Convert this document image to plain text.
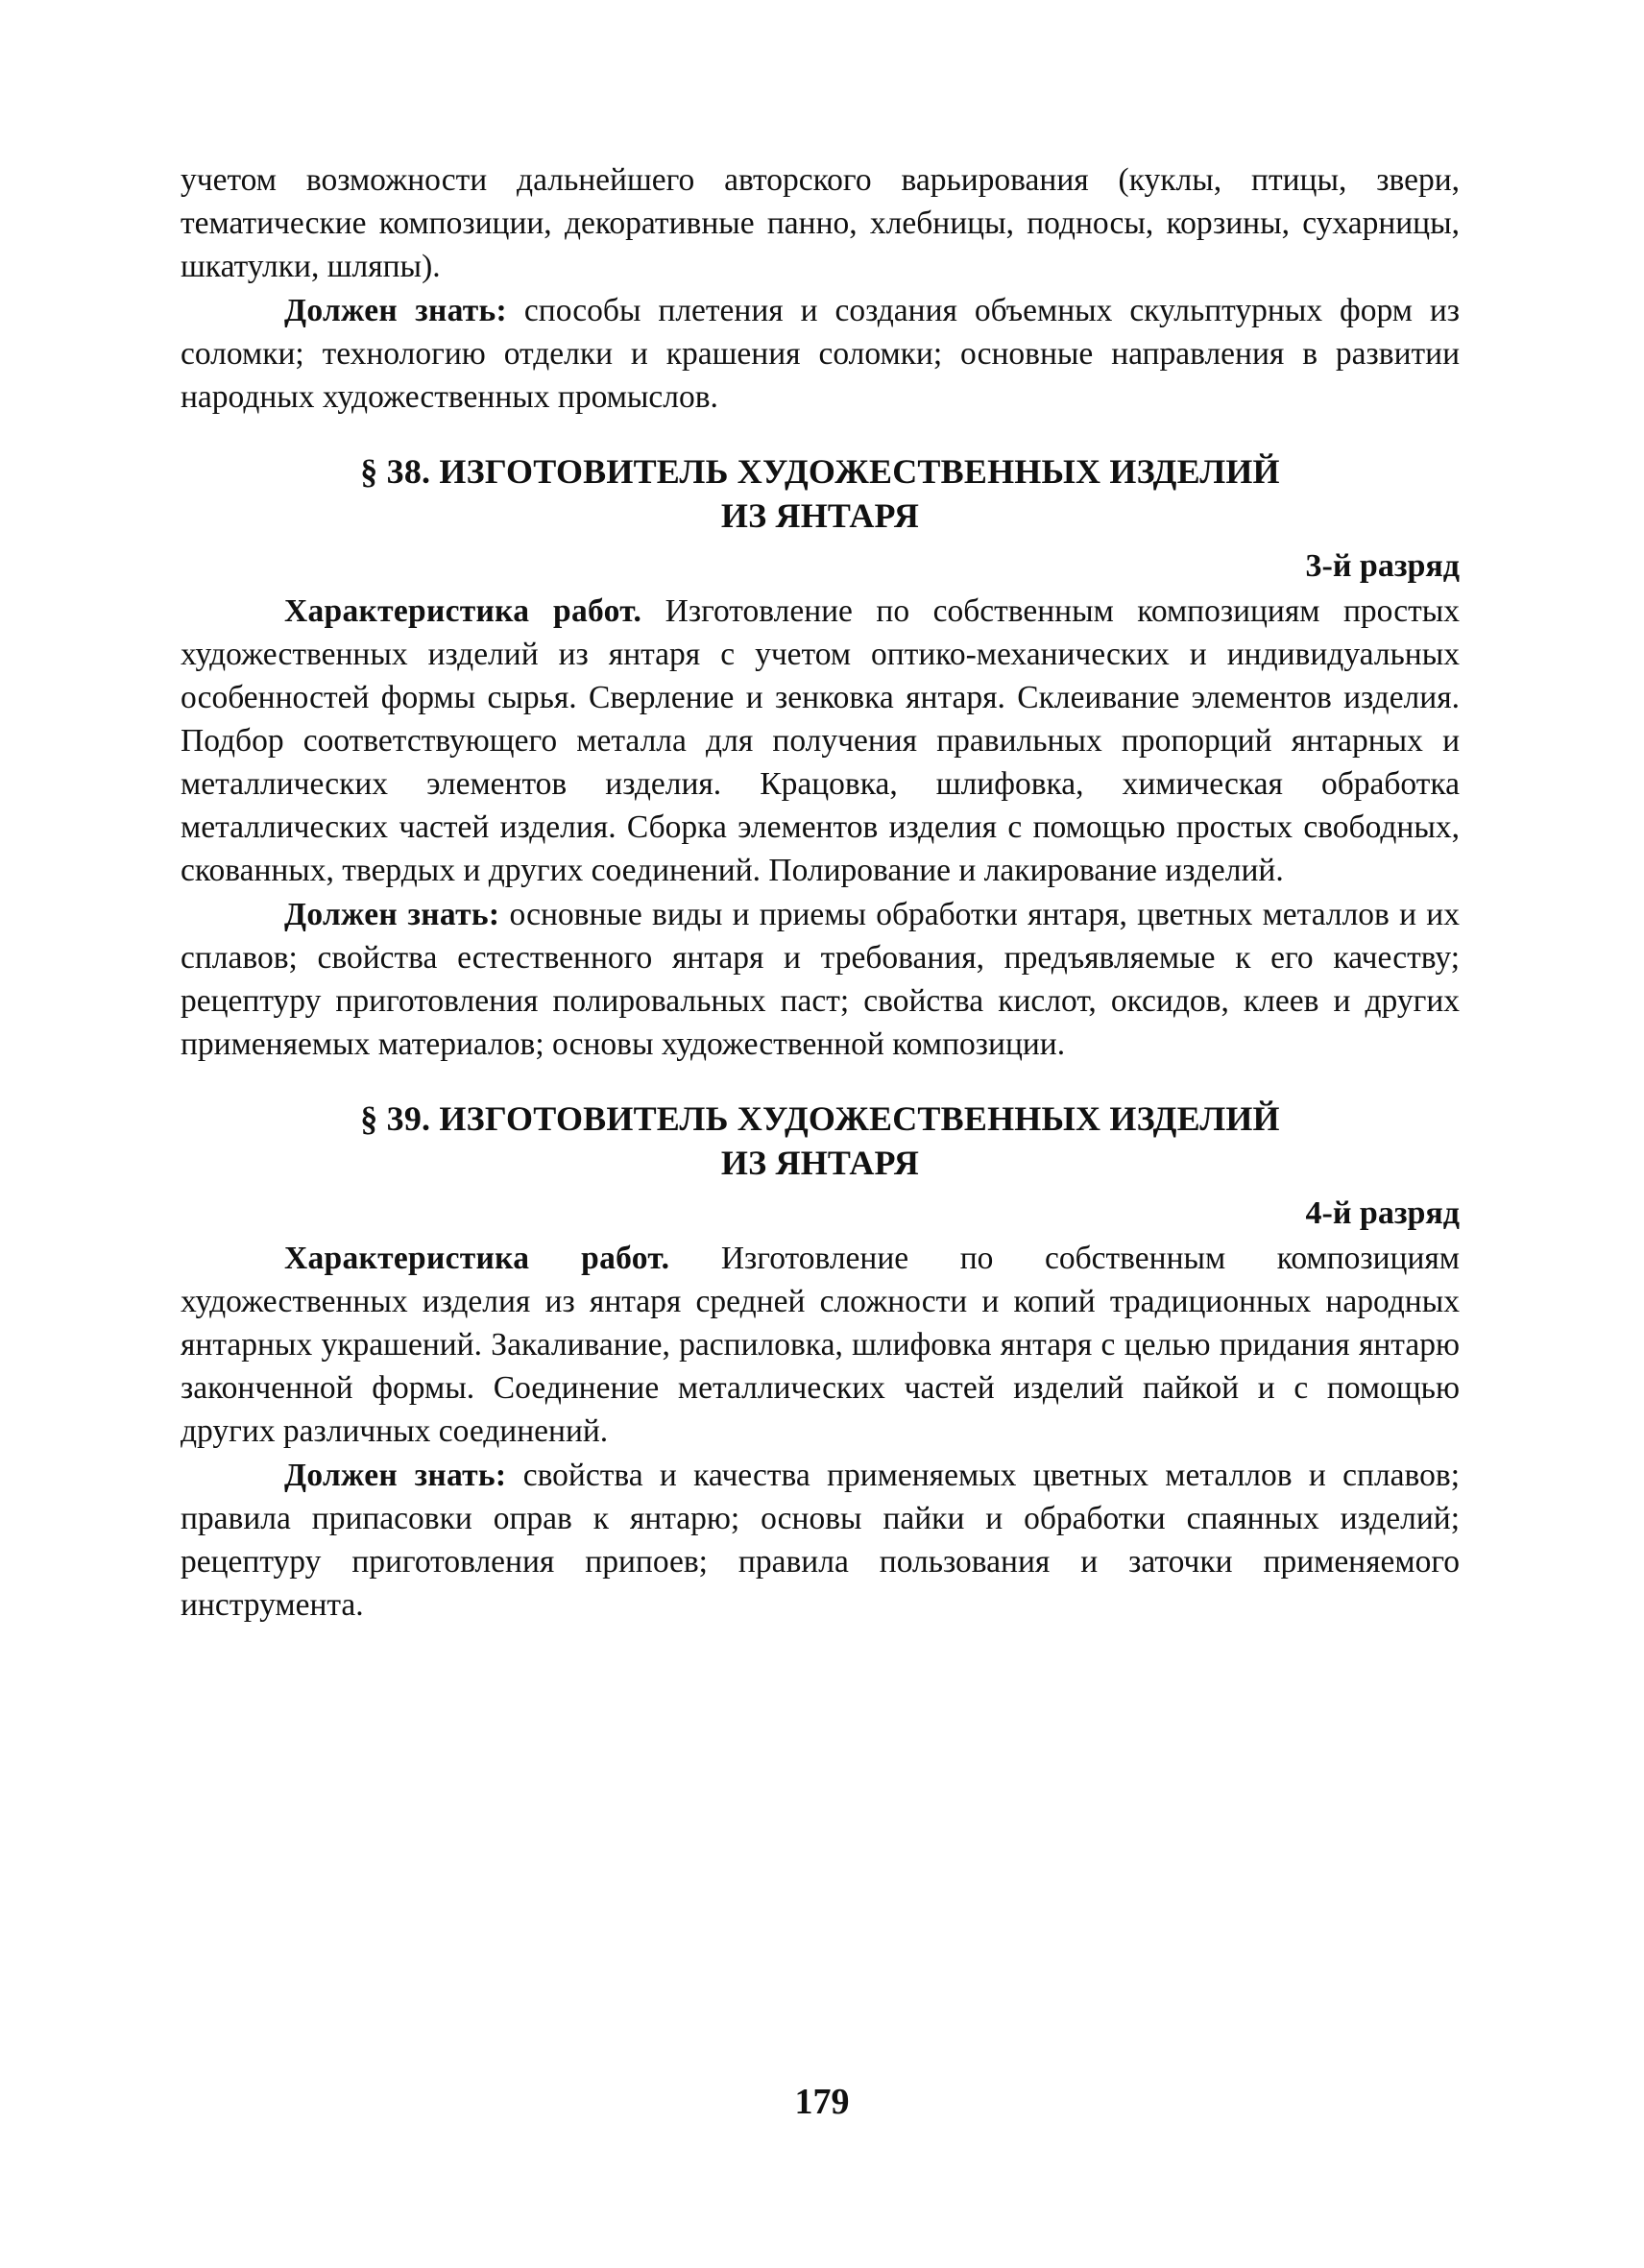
учетом возможности дальнейшего авторского варьирования (куклы, птицы, звери, тематические композиции, декоративные панно, хлебницы, подносы, корзины, сухарницы, шкатулки, шляпы).

Должен знать: способы плетения и создания объемных скульптурных форм из соломки; технологию отделки и крашения соломки; основные направления в развитии народных художественных промыслов.

§ 38. ИЗГОТОВИТЕЛЬ ХУДОЖЕСТВЕННЫХ ИЗДЕЛИЙ
ИЗ ЯНТАРЯ

3-й разряд

Характеристика работ. Изготовление по собственным композициям простых художественных изделий из янтаря с учетом оптико-механических и индивидуальных особенностей формы сырья. Сверление и зенковка янтаря. Склеивание элементов изделия. Подбор соответствующего металла для получения правильных пропорций янтарных и металлических элементов изделия. Крацовка, шлифовка, химическая обработка металлических частей изделия. Сборка элементов изделия с помощью простых свободных, скованных, твердых и других соединений. Полирование и лакирование изделий.

Должен знать: основные виды и приемы обработки янтаря, цветных металлов и их сплавов; свойства естественного янтаря и требования, предъявляемые к его качеству; рецептуру приготовления полировальных паст; свойства кислот, оксидов, клеев и других применяемых материалов; основы художественной композиции.

§ 39. ИЗГОТОВИТЕЛЬ ХУДОЖЕСТВЕННЫХ ИЗДЕЛИЙ
ИЗ ЯНТАРЯ

4-й разряд

Характеристика работ. Изготовление по собственным композициям художественных изделия из янтаря средней сложности и копий традиционных народных янтарных украшений. Закаливание, распиловка, шлифовка янтаря с целью придания янтарю законченной формы. Соединение металлических частей изделий пайкой и с помощью других различных соединений.

Должен знать: свойства и качества применяемых цветных металлов и сплавов; правила припасовки оправ к янтарю; основы пайки и обработки спаянных изделий; рецептуру приготовления припоев; правила пользования и заточки применяемого инструмента.

179
